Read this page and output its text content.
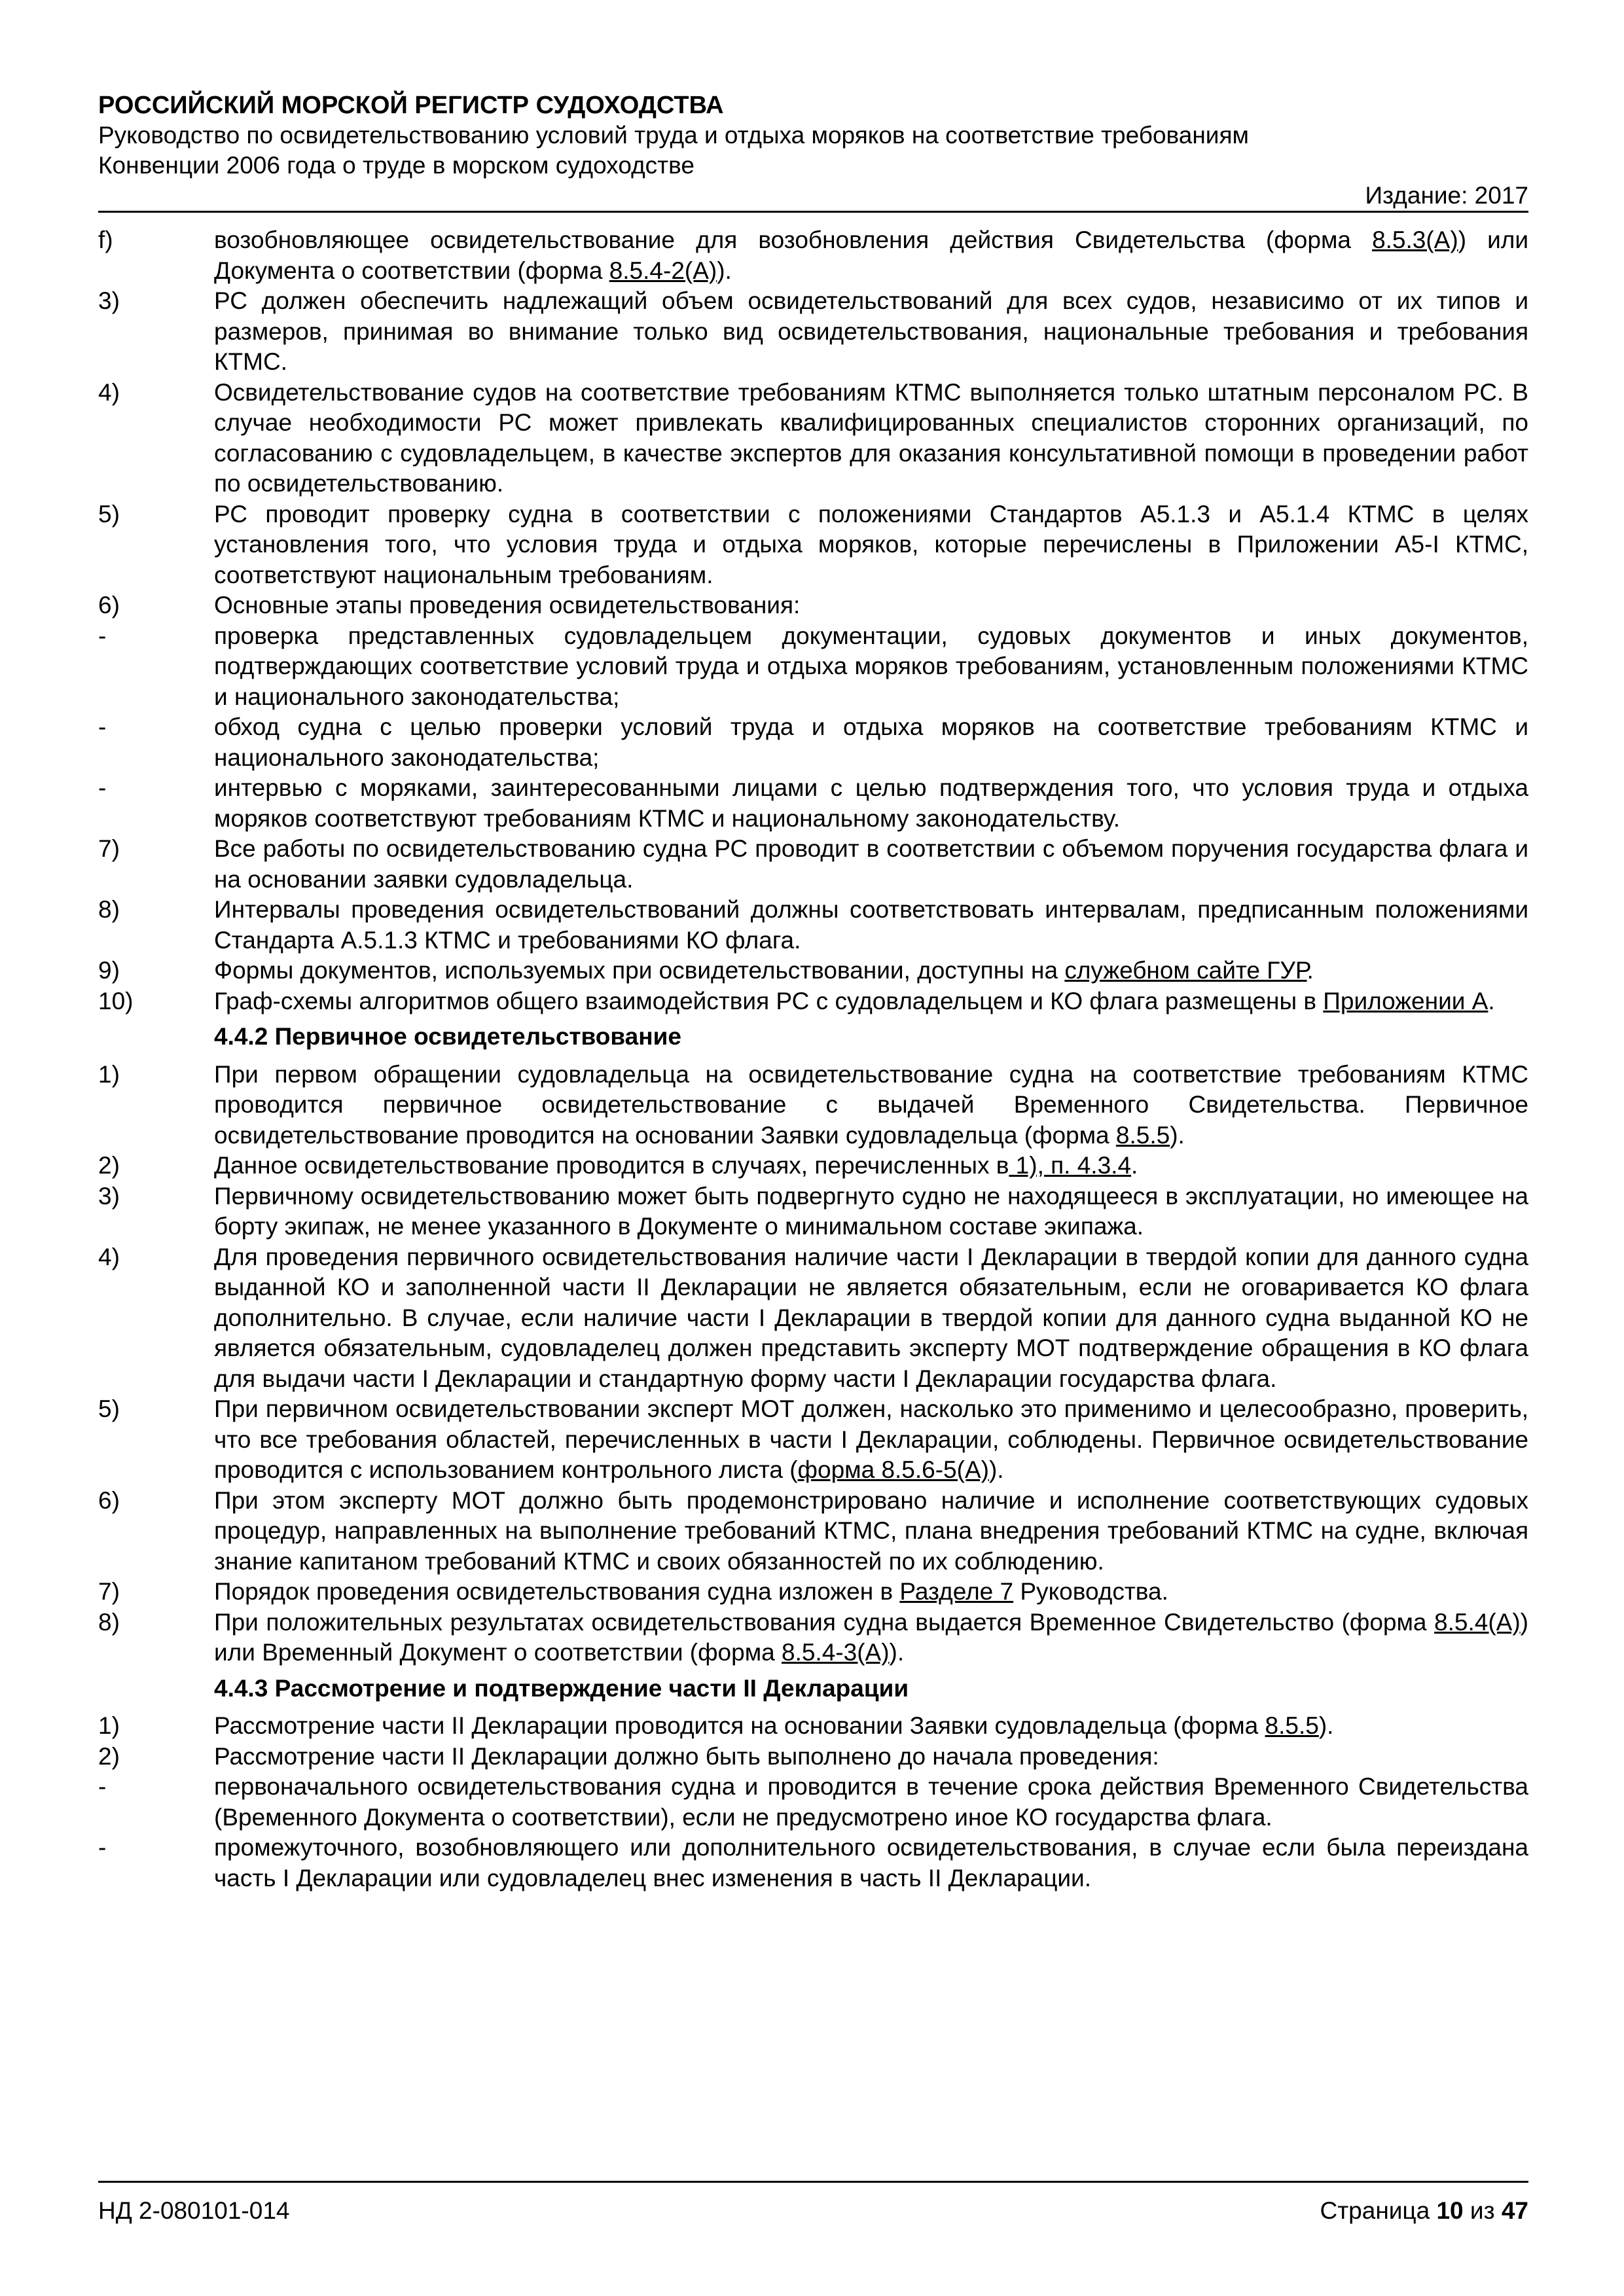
РОССИЙСКИЙ МОРСКОЙ РЕГИСТР СУДОХОДСТВА
Руководство по освидетельствованию условий труда и отдыха моряков на соответствие требованиям
Конвенции 2006 года о труде в морском судоходстве
Издание: 2017
f)	возобновляющее освидетельствование для возобновления действия Свидетельства (форма 8.5.3(А)) или Документа о соответствии (форма 8.5.4-2(А)).
3)	РС должен обеспечить надлежащий объем освидетельствований для всех судов, независимо от их типов и размеров, принимая во внимание только вид освидетельствования, национальные требования и требования КТМС.
4)	Освидетельствование судов на соответствие требованиям КТМС выполняется только штатным персоналом РС. В случае необходимости РС может привлекать квалифицированных специалистов сторонних организаций, по согласованию с судовладельцем, в качестве экспертов для оказания консультативной помощи в проведении работ по освидетельствованию.
5)	РС проводит проверку судна в соответствии с положениями Стандартов А5.1.3 и А5.1.4 КТМС в целях установления того, что условия труда и отдыха моряков, которые перечислены в Приложении А5-I КТМС, соответствуют национальным требованиям.
6)	Основные этапы проведения освидетельствования:
-	проверка представленных судовладельцем документации, судовых документов и иных документов, подтверждающих соответствие условий труда и отдыха моряков требованиям, установленным положениями КТМС и национального законодательства;
-	обход судна с целью проверки условий труда и отдыха моряков на соответствие требованиям КТМС и национального законодательства;
-	интервью с моряками, заинтересованными лицами с целью подтверждения того, что условия труда и отдыха моряков соответствуют требованиям КТМС и национальному законодательству.
7)	Все работы по освидетельствованию судна РС проводит в соответствии с объемом поручения государства флага и на основании заявки судовладельца.
8)	Интервалы проведения освидетельствований должны соответствовать интервалам, предписанным положениями Стандарта А.5.1.3 КТМС и требованиями КО флага.
9)	Формы документов, используемых при освидетельствовании, доступны на служебном сайте ГУР.
10)	Граф-схемы алгоритмов общего взаимодействия РС с судовладельцем и КО флага размещены в Приложении А.
4.4.2 Первичное освидетельствование
1)	При первом обращении судовладельца на освидетельствование судна на соответствие требованиям КТМС проводится первичное освидетельствование с выдачей Временного Свидетельства. Первичное освидетельствование проводится на основании Заявки судовладельца (форма 8.5.5).
2)	Данное освидетельствование проводится в случаях, перечисленных в 1), п. 4.3.4.
3)	Первичному освидетельствованию может быть подвергнуто судно не находящееся в эксплуатации, но имеющее на борту экипаж, не менее указанного в Документе о минимальном составе экипажа.
4)	Для проведения первичного освидетельствования наличие части I Декларации в твердой копии для данного судна выданной КО и заполненной части II Декларации не является обязательным, если не оговаривается КО флага дополнительно. В случае, если наличие части I Декларации в твердой копии для данного судна выданной КО не является обязательным, судовладелец должен представить эксперту МОТ подтверждение обращения в КО флага для выдачи части I Декларации и стандартную форму части I Декларации государства флага.
5)	При первичном освидетельствовании эксперт МОТ должен, насколько это применимо и целесообразно, проверить, что все требования областей, перечисленных в части I Декларации, соблюдены. Первичное освидетельствование проводится с использованием контрольного листа (форма 8.5.6-5(А)).
6)	При этом эксперту МОТ должно быть продемонстрировано наличие и исполнение соответствующих судовых процедур, направленных на выполнение требований КТМС, плана внедрения требований КТМС на судне, включая знание капитаном требований КТМС и своих обязанностей по их соблюдению.
7)	Порядок проведения освидетельствования судна изложен в Разделе 7 Руководства.
8)	При положительных результатах освидетельствования судна выдается Временное Свидетельство (форма 8.5.4(А)) или Временный Документ о соответствии (форма 8.5.4-3(А)).
4.4.3 Рассмотрение и подтверждение части II Декларации
1)	Рассмотрение части II Декларации проводится на основании Заявки судовладельца (форма 8.5.5).
2)	Рассмотрение части II Декларации должно быть выполнено до начала проведения:
-	первоначального освидетельствования судна и проводится в течение срока действия Временного Свидетельства (Временного Документа о соответствии), если не предусмотрено иное КО государства флага.
-	промежуточного, возобновляющего или дополнительного освидетельствования, в случае если была переиздана часть I Декларации или судовладелец внес изменения в часть II Декларации.
НД 2-080101-014	Страница 10 из 47
